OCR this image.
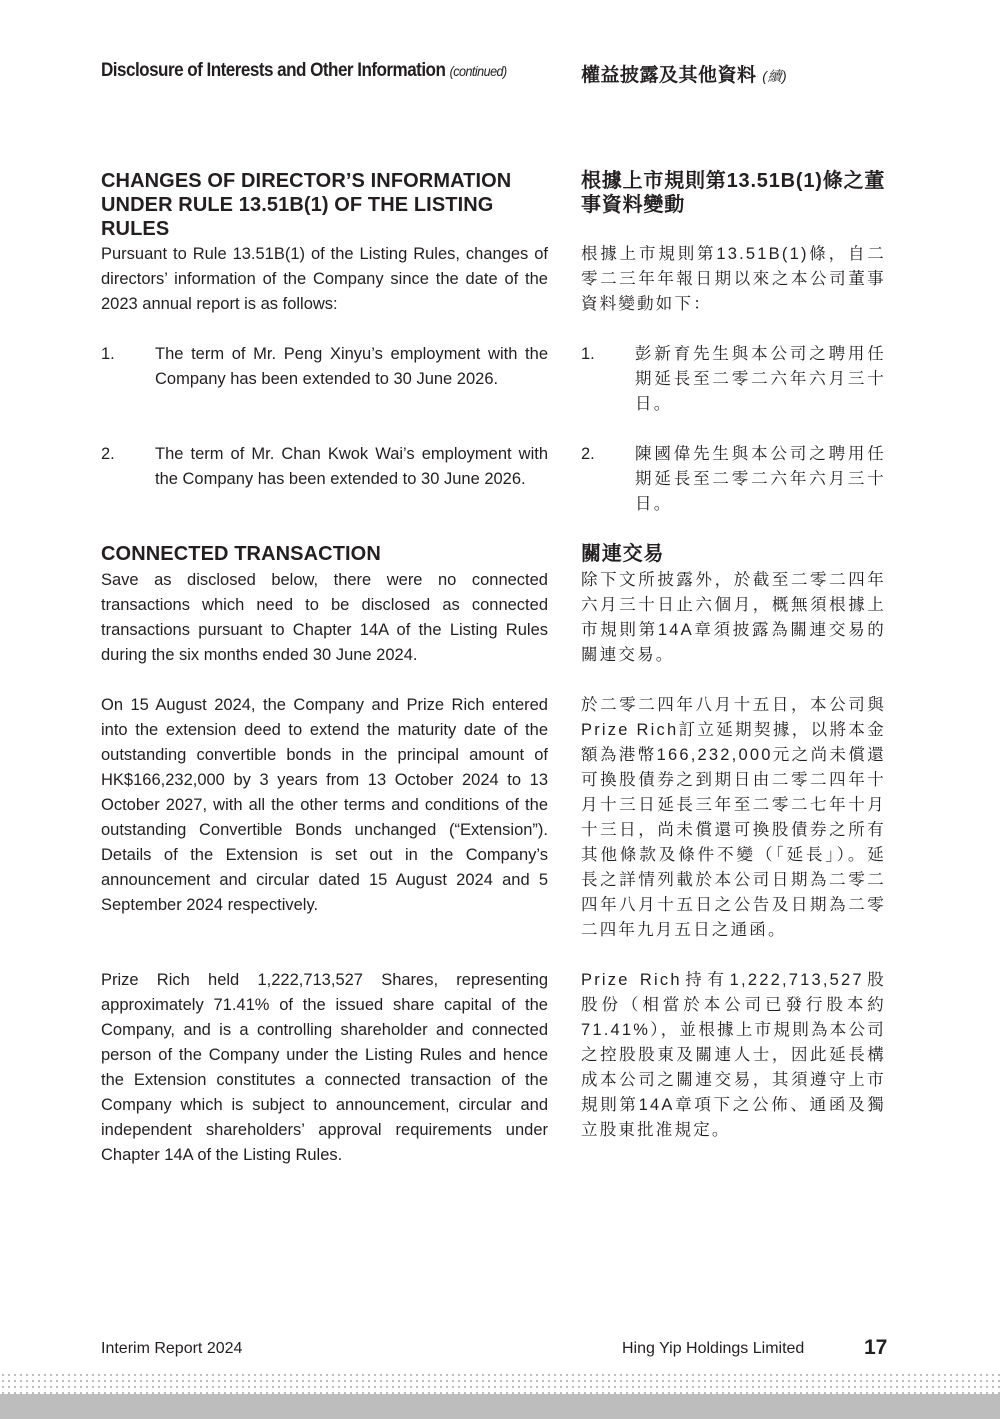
Disclosure of Interests and Other Information (continued)	權益披露及其他資料 (續)
CHANGES OF DIRECTOR’S INFORMATION UNDER RULE 13.51B(1) OF THE LISTING RULES

Pursuant to Rule 13.51B(1) of the Listing Rules, changes of directors’ information of the Company since the date of the 2023 annual report is as follows:

1. The term of Mr. Peng Xinyu’s employment with the Company has been extended to 30 June 2026.

2. The term of Mr. Chan Kwok Wai’s employment with the Company has been extended to 30 June 2026.

根據上市規則第13.51B(1)條之董事資料變動

根據上市規則第13.51B(1)條，自二零二三年年報日期以來之本公司董事資料變動如下：

1. 彭新育先生與本公司之聘用任期延長至二零二六年六月三十日。

2. 陳國偉先生與本公司之聘用任期延長至二零二六年六月三十日。

CONNECTED TRANSACTION

Save as disclosed below, there were no connected transactions which need to be disclosed as connected transactions pursuant to Chapter 14A of the Listing Rules during the six months ended 30 June 2024.

On 15 August 2024, the Company and Prize Rich entered into the extension deed to extend the maturity date of the outstanding convertible bonds in the principal amount of HK$166,232,000 by 3 years from 13 October 2024 to 13 October 2027, with all the other terms and conditions of the outstanding Convertible Bonds unchanged (“Extension”). Details of the Extension is set out in the Company’s announcement and circular dated 15 August 2024 and 5 September 2024 respectively.

Prize Rich held 1,222,713,527 Shares, representing approximately 71.41% of the issued share capital of the Company, and is a controlling shareholder and connected person of the Company under the Listing Rules and hence the Extension constitutes a connected transaction of the Company which is subject to announcement, circular and independent shareholders’ approval requirements under Chapter 14A of the Listing Rules.

關連交易

除下文所披露外，於截至二零二四年六月三十日止六個月，概無須根據上市規則第14A章須披露為關連交易的關連交易。

於二零二四年八月十五日，本公司與Prize Rich訂立延期契據，以將本金額為港幣166,232,000元之尚未償還可換股債券之到期日由二零二四年十月十三日延長三年至二零二七年十月十三日，尚未償還可換股債券之所有其他條款及條件不變（「延長」）。延長之詳情列載於本公司日期為二零二四年八月十五日之公告及日期為二零二四年九月五日之通函。

Prize Rich持有1,222,713,527股股份（相當於本公司已發行股本約71.41%），並根據上市規則為本公司之控股股東及關連人士，因此延長構成本公司之關連交易，其須遵守上市規則第14A章項下之公佈、通函及獨立股東批准規定。

Interim Report 2024	Hing Yip Holdings Limited	17
